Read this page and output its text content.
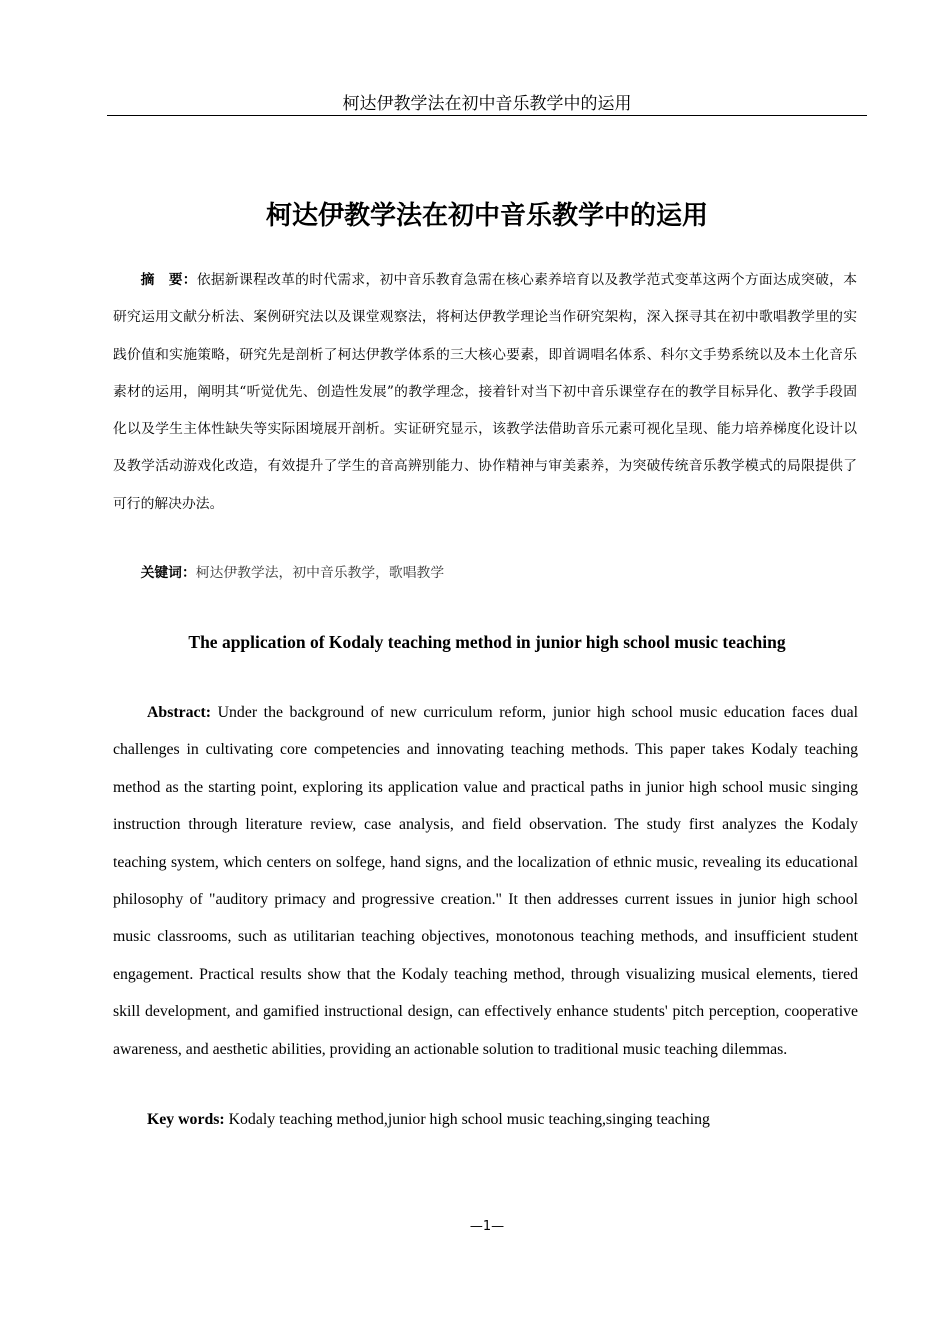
柯达伊教学法在初中音乐教学中的运用
柯达伊教学法在初中音乐教学中的运用
摘　要：依据新课程改革的时代需求，初中音乐教育急需在核心素养培育以及教学范式变革这两个方面达成突破，本研究运用文献分析法、案例研究法以及课堂观察法，将柯达伊教学理论当作研究架构，深入探寻其在初中歌唱教学里的实践价值和实施策略，研究先是剖析了柯达伊教学体系的三大核心要素，即首调唱名体系、科尔文手势系统以及本土化音乐素材的运用，阐明其“听觉优先、创造性发展”的教学理念，接着针对当下初中音乐课堂存在的教学目标异化、教学手段固化以及学生主体性缺失等实际困境展开剖析。实证研究显示，该教学法借助音乐元素可视化呈现、能力培养梯度化设计以及教学活动游戏化改造，有效提升了学生的音高辨别能力、协作精神与审美素养，为突破传统音乐教学模式的局限提供了可行的解决办法。
关键词：柯达伊教学法，初中音乐教学，歌唱教学
The application of Kodaly teaching method in junior high school music teaching
Abstract: Under the background of new curriculum reform, junior high school music education faces dual challenges in cultivating core competencies and innovating teaching methods. This paper takes Kodaly teaching method as the starting point, exploring its application value and practical paths in junior high school music singing instruction through literature review, case analysis, and field observation. The study first analyzes the Kodaly teaching system, which centers on solfege, hand signs, and the localization of ethnic music, revealing its educational philosophy of "auditory primacy and progressive creation." It then addresses current issues in junior high school music classrooms, such as utilitarian teaching objectives, monotonous teaching methods, and insufficient student engagement. Practical results show that the Kodaly teaching method, through visualizing musical elements, tiered skill development, and gamified instructional design, can effectively enhance students' pitch perception, cooperative awareness, and aesthetic abilities, providing an actionable solution to traditional music teaching dilemmas.
Key words: Kodaly teaching method,junior high school music teaching,singing teaching
—1—
